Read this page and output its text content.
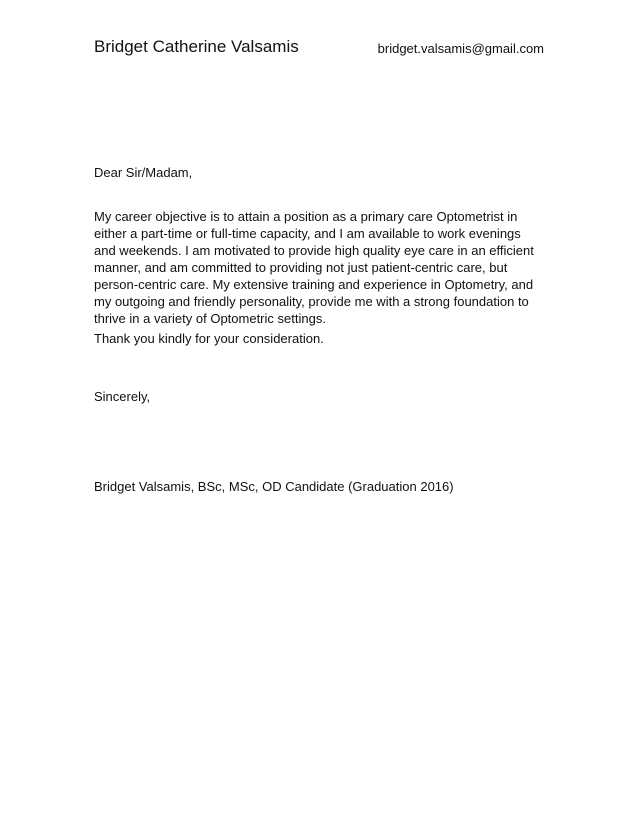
Bridget Catherine Valsamis	bridget.valsamis@gmail.com
Dear Sir/Madam,
My career objective is to attain a position as a primary care Optometrist in either a part-time or full-time capacity, and I am available to work evenings and weekends. I am motivated to provide high quality eye care in an efficient manner, and am committed to providing not just patient-centric care, but person-centric care. My extensive training and experience in Optometry, and my outgoing and friendly personality, provide me with a strong foundation to thrive in a variety of Optometric settings.
Thank you kindly for your consideration.
Sincerely,
Bridget Valsamis, BSc, MSc, OD Candidate (Graduation 2016)
